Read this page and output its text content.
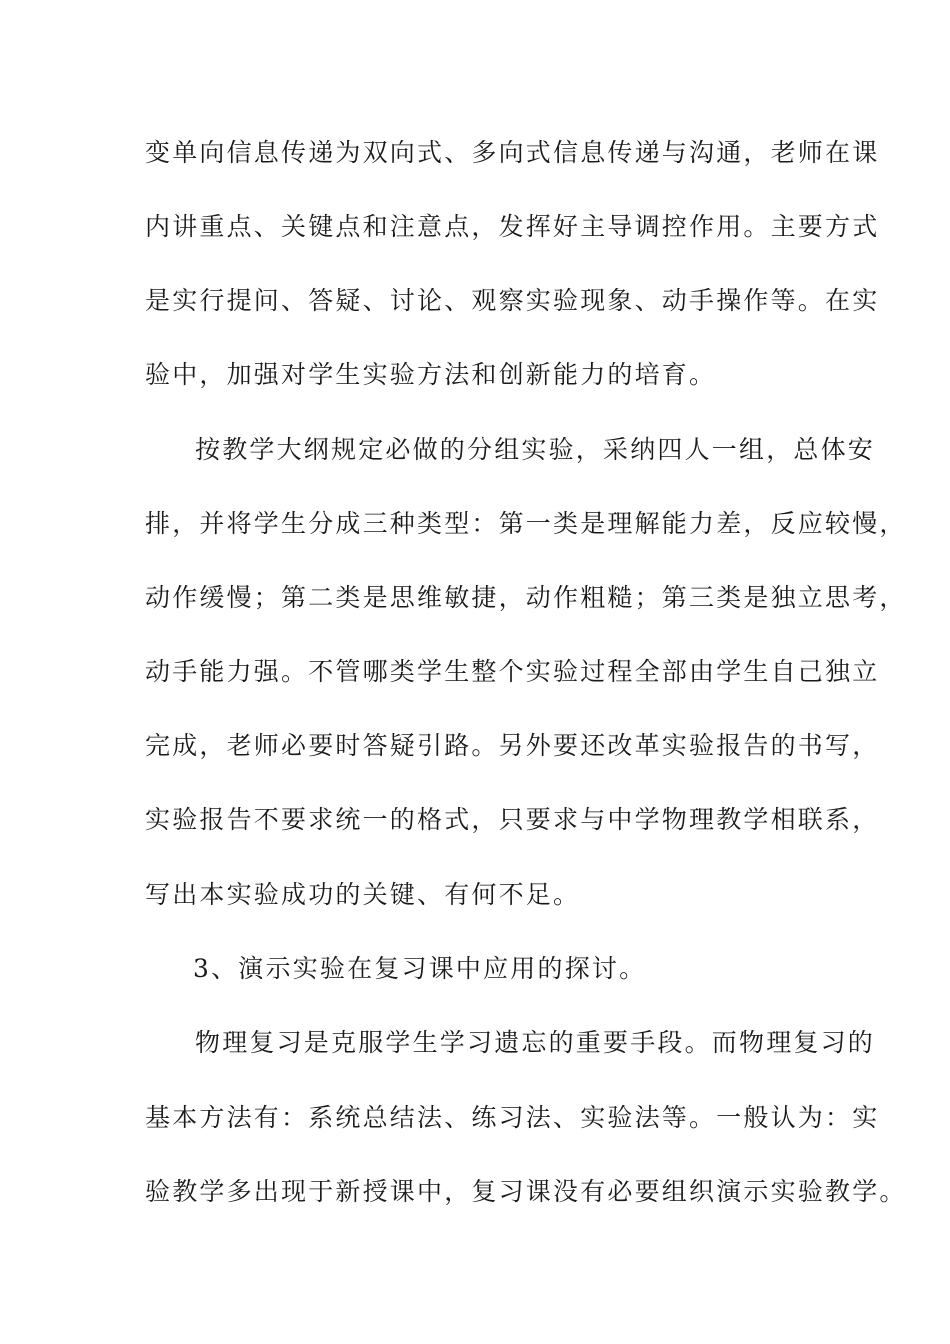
变单向信息传递为双向式、多向式信息传递与沟通，老师在课
内讲重点、关键点和注意点，发挥好主导调控作用。主要方式
是实行提问、答疑、讨论、观察实验现象、动手操作等。在实
验中，加强对学生实验方法和创新能力的培育。
按教学大纲规定必做的分组实验，采纳四人一组，总体安
排，并将学生分成三种类型：第一类是理解能力差，反应较慢，
动作缓慢；第二类是思维敏捷，动作粗糙；第三类是独立思考，
动手能力强。不管哪类学生整个实验过程全部由学生自己独立
完成，老师必要时答疑引路。另外要还改革实验报告的书写，
实验报告不要求统一的格式，只要求与中学物理教学相联系，
写出本实验成功的关键、有何不足。
3、演示实验在复习课中应用的探讨。
物理复习是克服学生学习遗忘的重要手段。而物理复习的
基本方法有：系统总结法、练习法、实验法等。一般认为：实
验教学多出现于新授课中，复习课没有必要组织演示实验教学。
